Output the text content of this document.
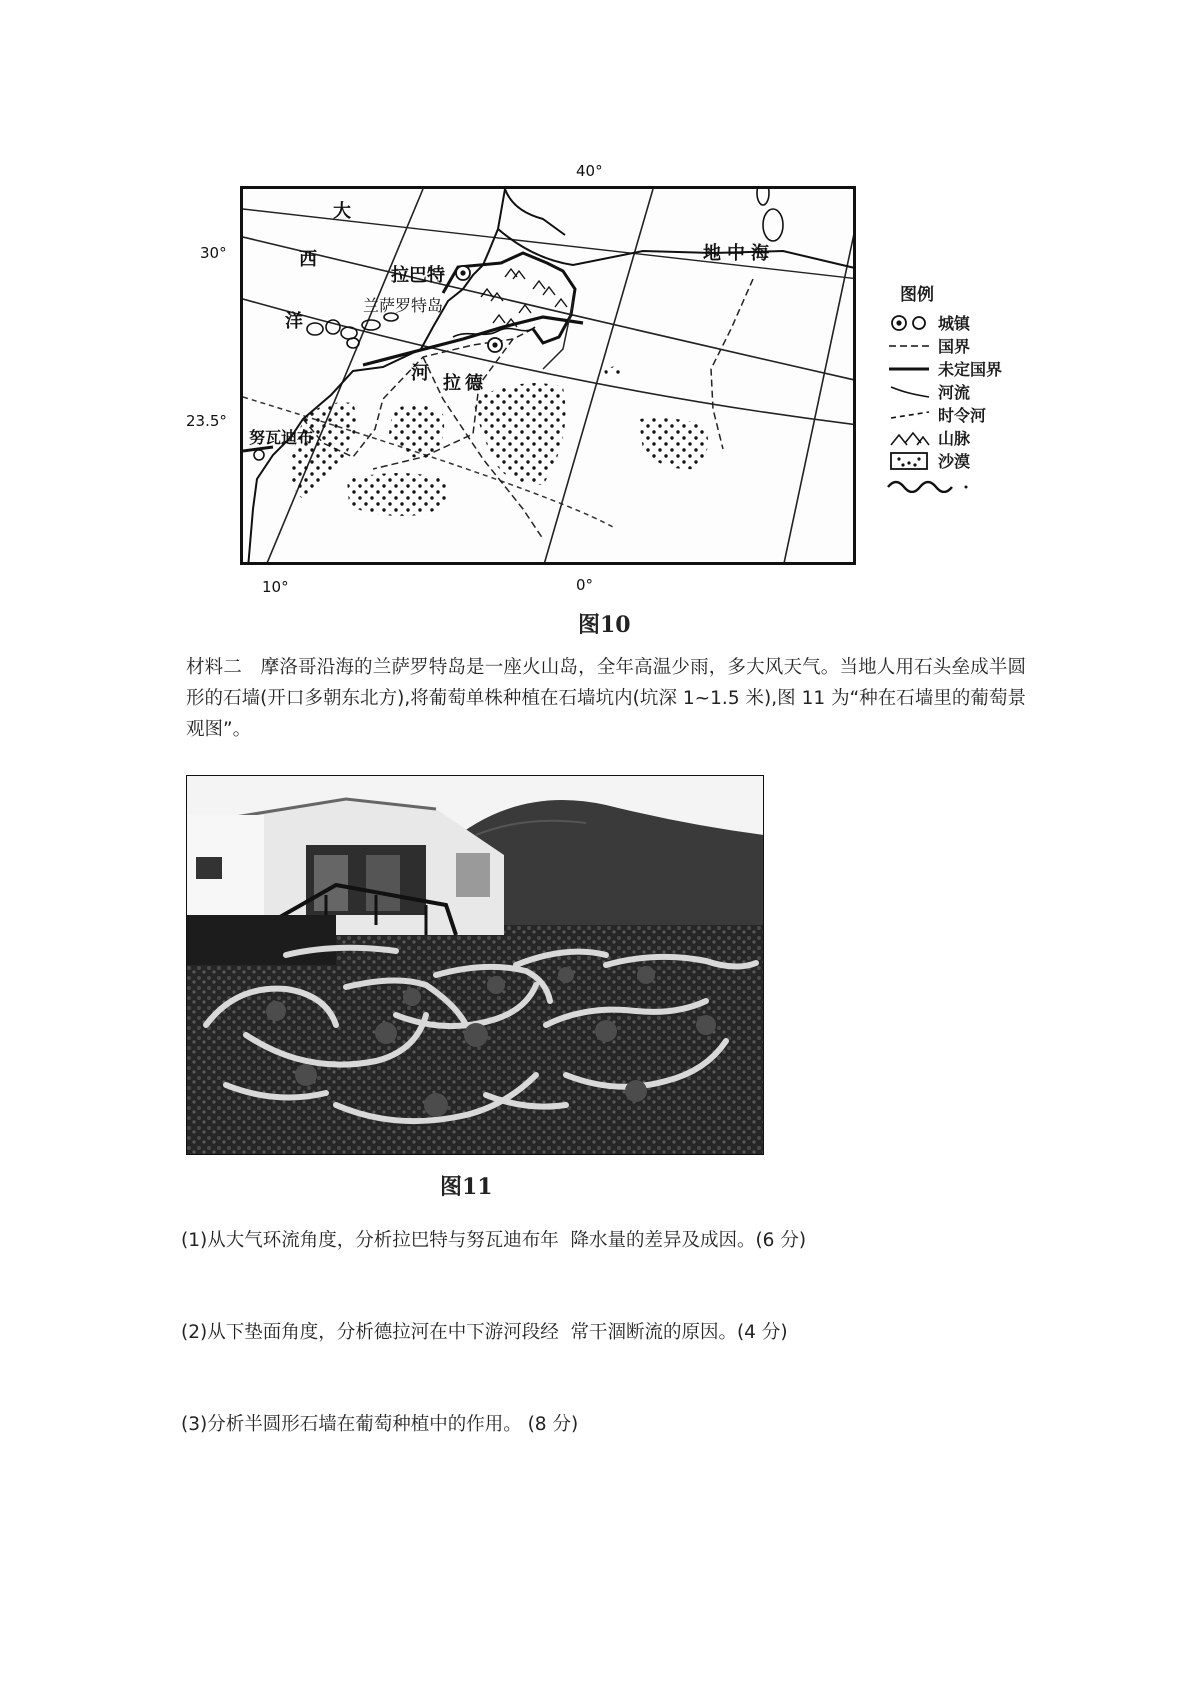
40°
30°
23.5°
10°	0°
大
西
洋
地中海
拉巴特
兰萨罗特岛
河 拉德
努瓦迪布
图例
城镇
国界
未定国界
河流
时令河
山脉
沙漠
图10
材料二　摩洛哥沿海的兰萨罗特岛是一座火山岛，全年高温少雨，多大风天气。当地人用石头垒成半圆形的石墙(开口多朝东北方),将葡萄单株种植在石墙坑内(坑深 1~1.5 米),图 11 为“种在石墙里的葡萄景观图”。
图11
(1)从大气环流角度，分析拉巴特与努瓦迪布年  降水量的差异及成因。(6 分)
(2)从下垫面角度，分析德拉河在中下游河段经  常干涸断流的原因。(4 分)
(3)分析半圆形石墙在葡萄种植中的作用。 (8 分)
